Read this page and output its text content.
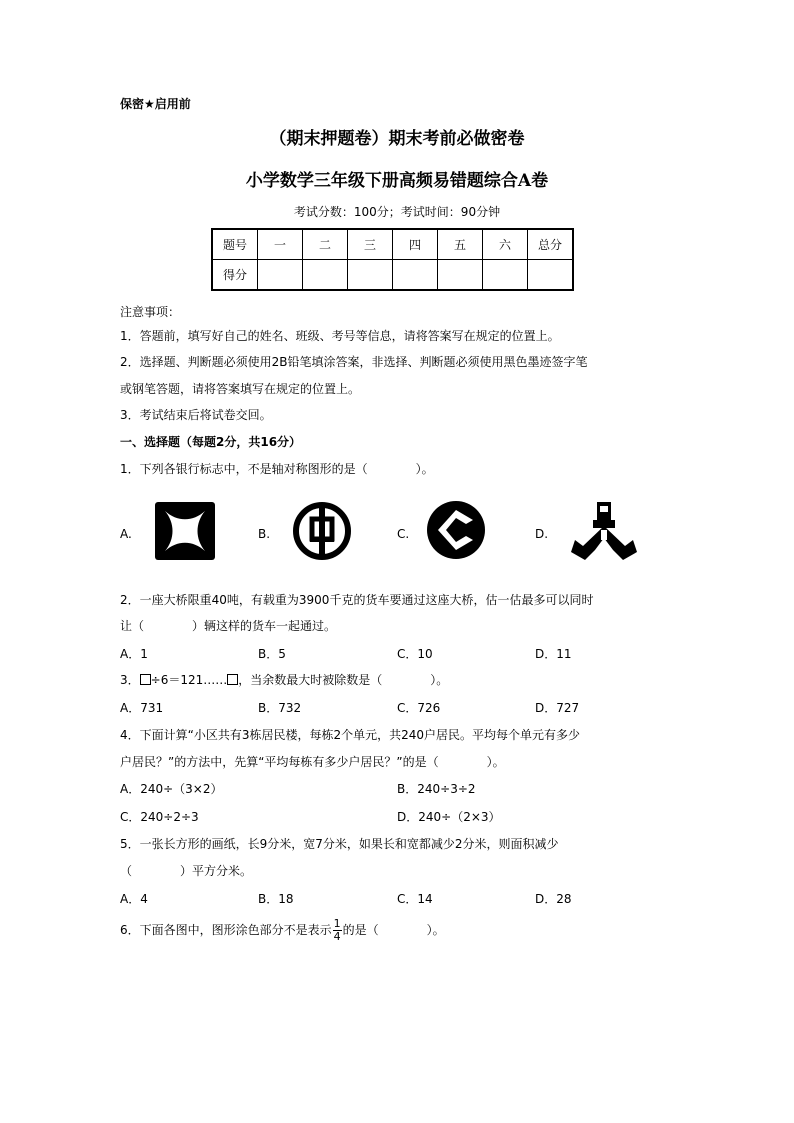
保密★启用前
（期末押题卷）期末考前必做密卷
小学数学三年级下册高频易错题综合A卷
考试分数：100分；考试时间：90分钟
题号	一	二	三	四	五	六	总分
得分							
注意事项：
1．答题前，填写好自己的姓名、班级、考号等信息，请将答案写在规定的位置上。
2．选择题、判断题必须使用2B铅笔填涂答案，非选择、判断题必须使用黑色墨迹签字笔
或钢笔答题，请将答案填写在规定的位置上。
3．考试结束后将试卷交回。
一、选择题（每题2分，共16分）
1．下列各银行标志中，不是轴对称图形的是（　　　　）。
A.	B.	C.	D.
2．一座大桥限重40吨，有载重为3900千克的货车要通过这座大桥，估一估最多可以同时
让（　　　　）辆这样的货车一起通过。
A．1	B．5	C．10	D．11
3． ÷6＝121…… ，当余数最大时被除数是（　　　　）。
A．731	B．732	C．726	D．727
4．下面计算“小区共有3栋居民楼，每栋2个单元，共240户居民。平均每个单元有多少
户居民？”的方法中，先算“平均每栋有多少户居民？”的是（　　　　）。
A．240÷（3×2）	B．240÷3÷2
C．240÷2÷3	D．240÷（2×3）
5．一张长方形的画纸，长9分米，宽7分米，如果长和宽都减少2分米，则面积减少
（　　　　）平方分米。
A．4	B．18	C．14	D．28
6．下面各图中，图形涂色部分不是表示 $\frac{1}{4}$ 的是（　　　　）。
